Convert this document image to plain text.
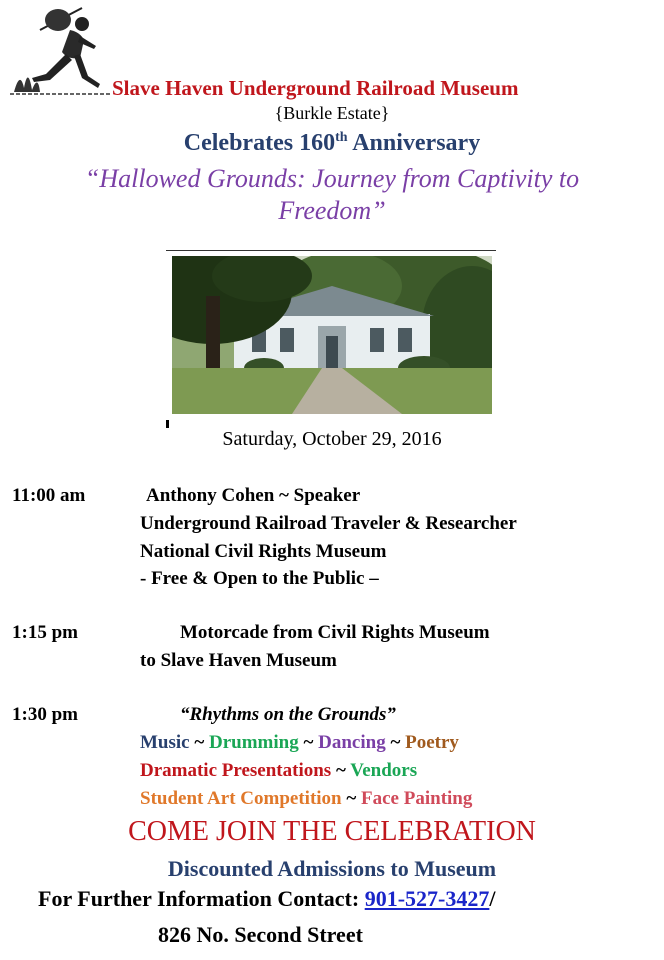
Slave Haven Underground Railroad Museum
{Burkle Estate}
Celebrates 160th Anniversary
“Hallowed Grounds: Journey from Captivity to
Freedom”
Saturday, October 29, 2016
11:00 am	Anthony Cohen ~ Speaker
Underground Railroad Traveler & Researcher
National Civil Rights Museum
- Free & Open to the Public –
1:15 pm	Motorcade from Civil Rights Museum
to Slave Haven Museum
1:30 pm	“Rhythms on the Grounds”
Music ~ Drumming ~ Dancing ~ Poetry
Dramatic Presentations ~ Vendors
Student Art Competition ~ Face Painting
COME JOIN THE CELEBRATION
Discounted Admissions to Museum
For Further Information Contact: 901-527-3427/
826 No. Second Street
